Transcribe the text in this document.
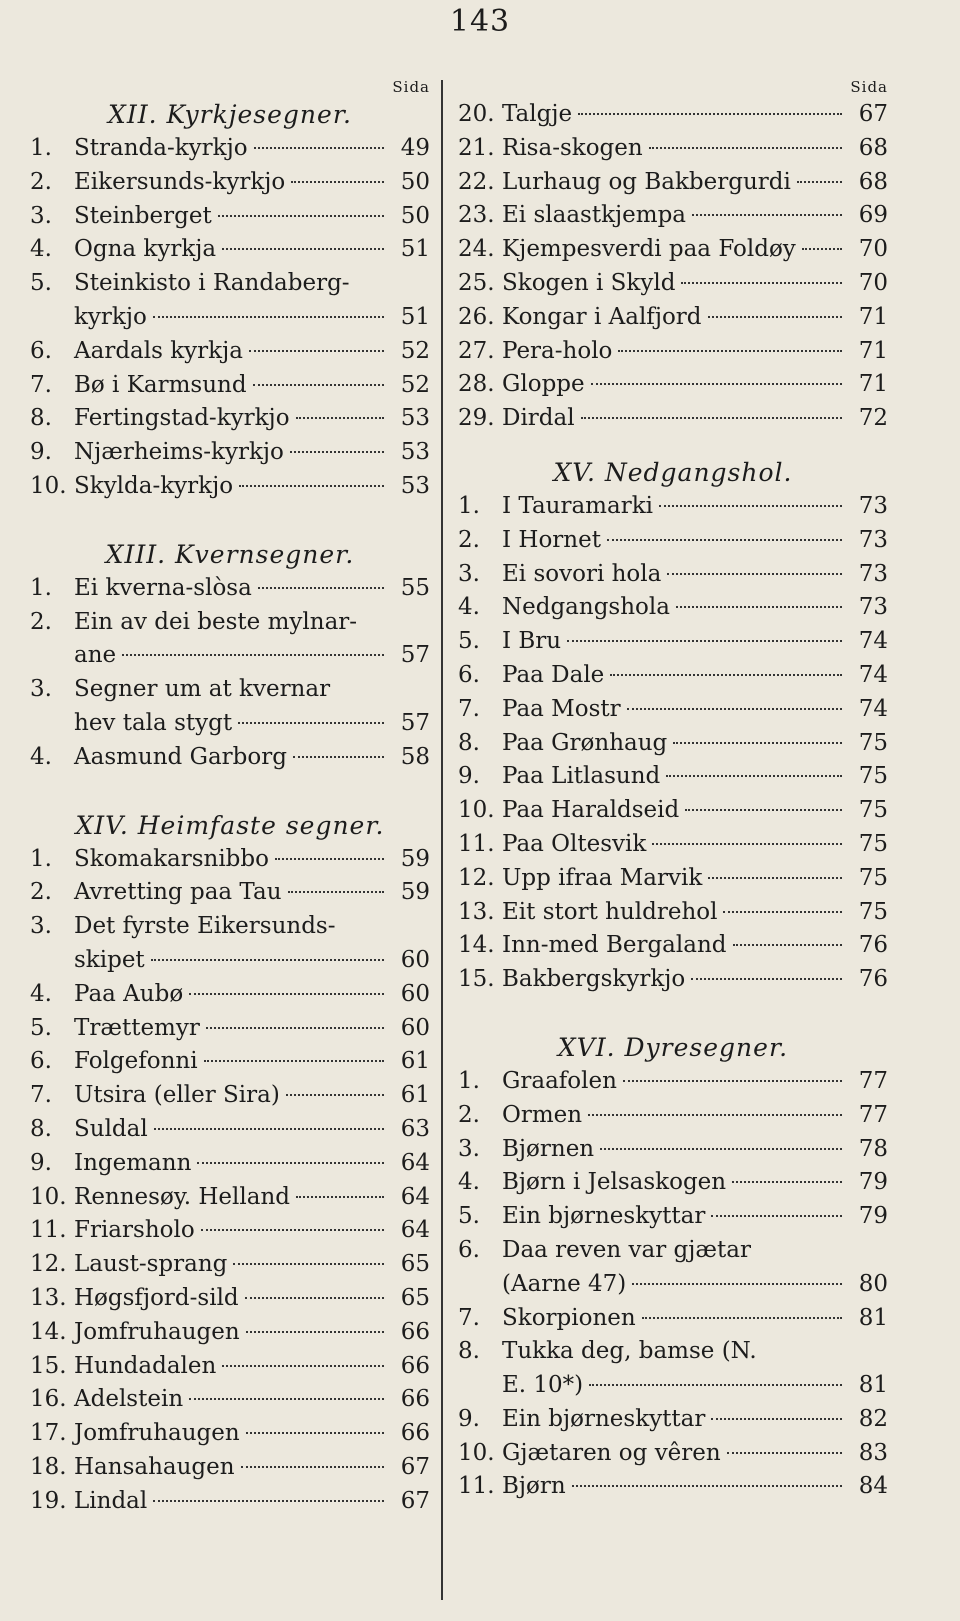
143
Sida
XII. Kyrkjesegner.
1. Stranda-kyrkjo	49
2. Eikersunds-kyrkjo	50
3. Steinberget	50
4. Ogna kyrkja	51
5. Steinkisto i Randaberg-
kyrkjo	51
6. Aardals kyrkja	52
7. Bø i Karmsund	52
8. Fertingstad-kyrkjo	53
9. Njærheims-kyrkjo	53
10. Skylda-kyrkjo	53
XIII. Kvernsegner.
1. Ei kverna-slòsa	55
2. Ein av dei beste mylnar-
ane	57
3. Segner um at kvernar
hev tala stygt	57
4. Aasmund Garborg	58
XIV. Heimfaste segner.
1. Skomakarsnibbo	59
2. Avretting paa Tau	59
3. Det fyrste Eikersunds-
skipet	60
4. Paa Aubø	60
5. Trættemyr	60
6. Folgefonni	61
7. Utsira (eller Sira)	61
8. Suldal	63
9. Ingemann	64
10. Rennesøy. Helland	64
11. Friarsholo	64
12. Laust-sprang	65
13. Høgsfjord-sild	65
14. Jomfruhaugen	66
15. Hundadalen	66
16. Adelstein	66
17. Jomfruhaugen	66
18. Hansahaugen	67
19. Lindal	67
Sida
20. Talgje	67
21. Risa-skogen	68
22. Lurhaug og Bakbergurdi	68
23. Ei slaastkjempa	69
24. Kjempesverdi paa Foldøy	70
25. Skogen i Skyld	70
26. Kongar i Aalfjord	71
27. Pera-holo	71
28. Gloppe	71
29. Dirdal	72
XV. Nedgangshol.
1. I Tauramarki	73
2. I Hornet	73
3. Ei sovori hola	73
4. Nedgangshola	73
5. I Bru	74
6. Paa Dale	74
7. Paa Mostr	74
8. Paa Grønhaug	75
9. Paa Litlasund	75
10. Paa Haraldseid	75
11. Paa Oltesvik	75
12. Upp ifraa Marvik	75
13. Eit stort huldrehol	75
14. Inn-med Bergaland	76
15. Bakbergskyrkjo	76
XVI. Dyresegner.
1. Graafolen	77
2. Ormen	77
3. Bjørnen	78
4. Bjørn i Jelsaskogen	79
5. Ein bjørneskyttar	79
6. Daa reven var gjætar
(Aarne 47)	80
7. Skorpionen	81
8. Tukka deg, bamse (N.
E. 10*)	81
9. Ein bjørneskyttar	82
10. Gjætaren og vêren	83
11. Bjørn	84
